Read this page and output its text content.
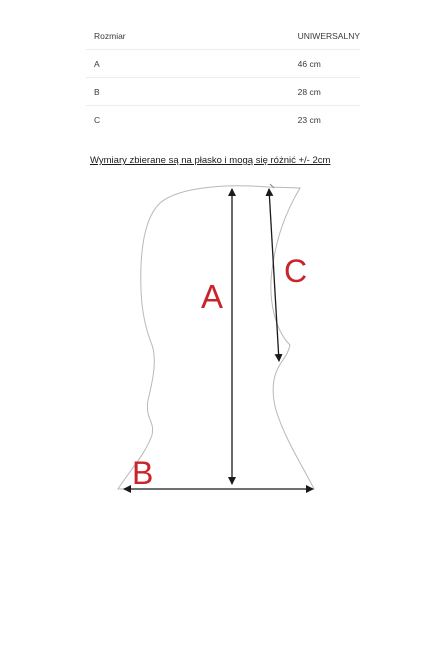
Rozmiar	UNIWERSALNY
A	46 cm
B	28 cm
C	23 cm
Wymiary zbierane są na płasko i mogą się różnić +/- 2cm
A
B
C
